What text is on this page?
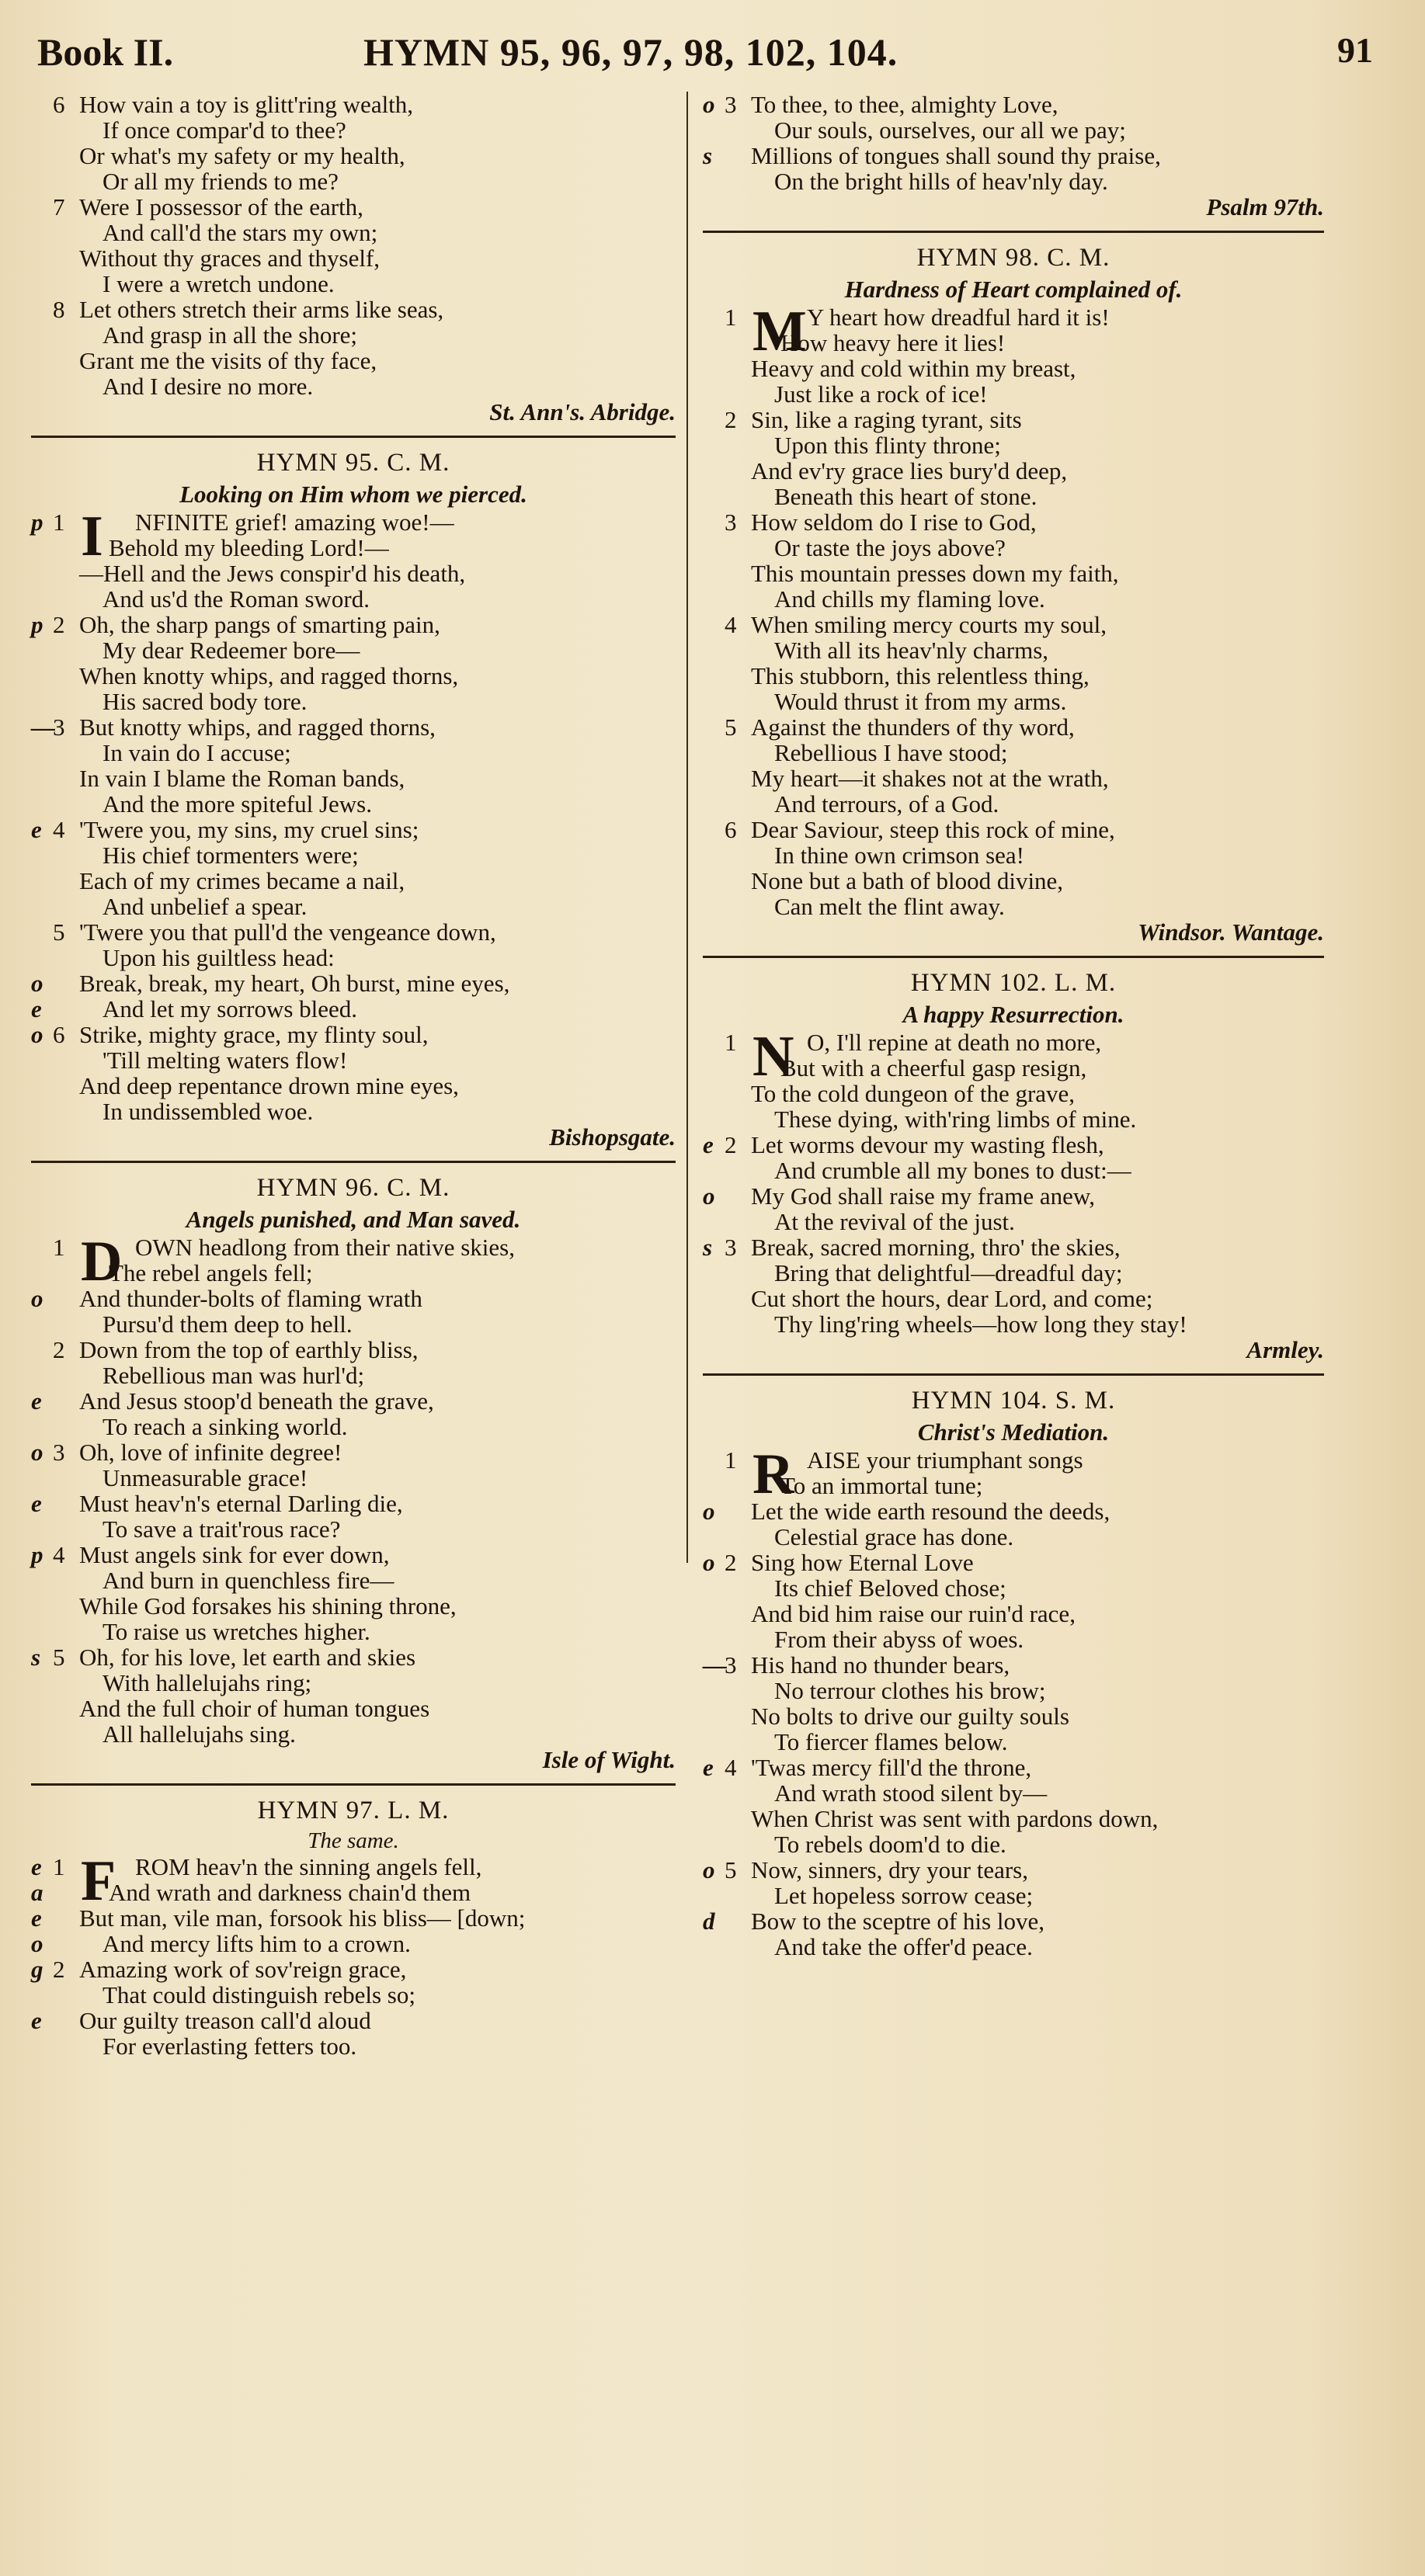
Book II.	HYMN 95, 96, 97, 98, 102, 104.	91
6 How vain a toy is glitt'ring wealth,
If once compar'd to thee?
Or what's my safety or my health,
Or all my friends to me?
7 Were I possessor of the earth,
And call'd the stars my own;
Without thy graces and thyself,
I were a wretch undone.
8 Let others stretch their arms like seas,
And grasp in all the shore;
Grant me the visits of thy face,
And I desire no more.
St. Ann's. Abridge.
HYMN 95. C. M.
Looking on Him whom we pierced.
p 1	NFINITE grief! amazing woe!—
I Behold my bleeding Lord!—
—Hell and the Jews conspir'd his death,
And us'd the Roman sword.
p 2 Oh, the sharp pangs of smarting pain,
My dear Redeemer bore—
When knotty whips, and ragged thorns,
His sacred body tore.
—3 But knotty whips, and ragged thorns,
In vain do I accuse;
In vain I blame the Roman bands,
And the more spiteful Jews.
e 4 'Twere you, my sins, my cruel sins;
His chief tormenters were;
Each of my crimes became a nail,
And unbelief a spear.
5 'Twere you that pull'd the vengeance down,
Upon his guiltless head:
o Break, break, my heart, Oh burst, mine eyes,
e	And let my sorrows bleed.
o 6 Strike, mighty grace, my flinty soul,
'Till melting waters flow!
And deep repentance drown mine eyes,
In undissembled woe.
Bishopsgate.
HYMN 96. C. M.
Angels punished, and Man saved.
1	OWN headlong from their native skies,
D
The rebel angels fell;
o And thunder-bolts of flaming wrath
Pursu'd them deep to hell.
2 Down from the top of earthly bliss,
Rebellious man was hurl'd;
e And Jesus stoop'd beneath the grave,
To reach a sinking world.
o 3 Oh, love of infinite degree!
Unmeasurable grace!
e Must heav'n's eternal Darling die,
To save a trait'rous race?
p 4 Must angels sink for ever down,
And burn in quenchless fire—
While God forsakes his shining throne,
To raise us wretches higher.
s 5 Oh, for his love, let earth and skies
With hallelujahs ring;
And the full choir of human tongues
All hallelujahs sing.
Isle of Wight.
HYMN 97. L. M.
The same.
e 1	ROM heav'n the sinning angels fell,
F
a	And wrath and darkness chain'd them
e But man, vile man, forsook his bliss— [down;
o And mercy lifts him to a crown.
g 2 Amazing work of sov'reign grace,
That could distinguish rebels so;
e Our guilty treason call'd aloud
For everlasting fetters too.
o 3 To thee, to thee, almighty Love,
Our souls, ourselves, our all we pay;
s Millions of tongues shall sound thy praise,
On the bright hills of heav'nly day.
Psalm 97th.
HYMN 98. C. M.
Hardness of Heart complained of.
1	Y heart how dreadful hard it is!
M
How heavy here it lies!
Heavy and cold within my breast,
Just like a rock of ice!
2 Sin, like a raging tyrant, sits
Upon this flinty throne;
And ev'ry grace lies bury'd deep,
Beneath this heart of stone.
3 How seldom do I rise to God,
Or taste the joys above?
This mountain presses down my faith,
And chills my flaming love.
4 When smiling mercy courts my soul,
With all its heav'nly charms,
This stubborn, this relentless thing,
Would thrust it from my arms.
5 Against the thunders of thy word,
Rebellious I have stood;
My heart—it shakes not at the wrath,
And terrours, of a God.
6 Dear Saviour, steep this rock of mine,
In thine own crimson sea!
None but a bath of blood divine,
Can melt the flint away.
Windsor. Wantage.
HYMN 102. L. M.
A happy Resurrection.
1	O, I'll repine at death no more,
N
But with a cheerful gasp resign,
To the cold dungeon of the grave,
These dying, with'ring limbs of mine.
e 2 Let worms devour my wasting flesh,
And crumble all my bones to dust:—
o My God shall raise my frame anew,
At the revival of the just.
s 3 Break, sacred morning, thro' the skies,
Bring that delightful—dreadful day;
Cut short the hours, dear Lord, and come;
Thy ling'ring wheels—how long they stay!
Armley.
HYMN 104. S. M.
Christ's Mediation.
1	AISE your triumphant songs
R
To an immortal tune;
o Let the wide earth resound the deeds,
Celestial grace has done.
o 2 Sing how Eternal Love
Its chief Beloved chose;
And bid him raise our ruin'd race,
From their abyss of woes.
—3 His hand no thunder bears,
No terrour clothes his brow;
No bolts to drive our guilty souls
To fiercer flames below.
e 4 'Twas mercy fill'd the throne,
And wrath stood silent by—
When Christ was sent with pardons down,
To rebels doom'd to die.
o 5 Now, sinners, dry your tears,
Let hopeless sorrow cease;
d Bow to the sceptre of his love,
And take the offer'd peace.
